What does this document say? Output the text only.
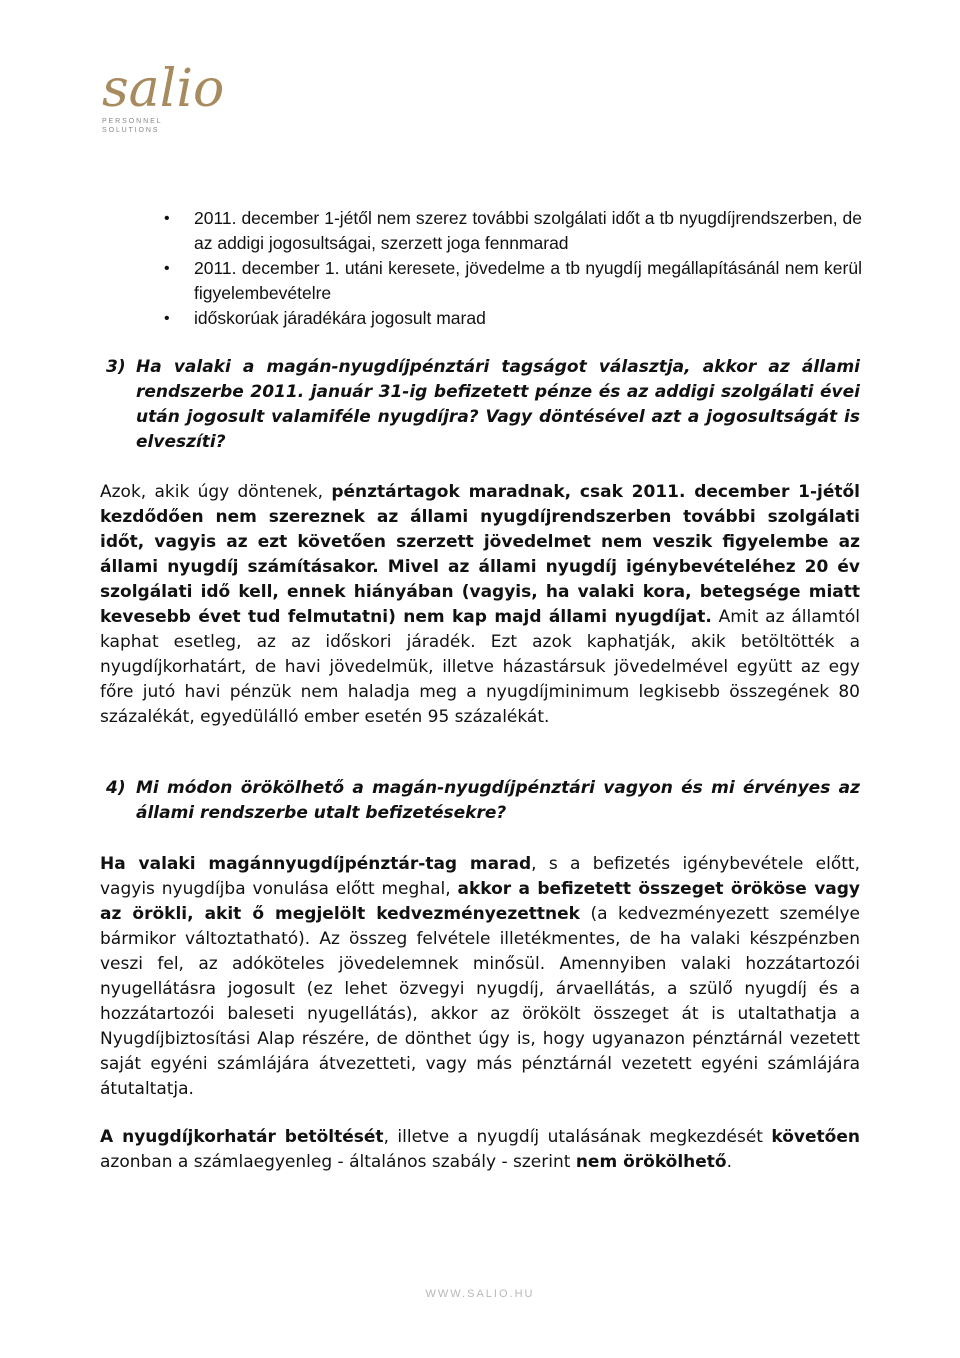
salio
P E R S O N N E L
S O L U T I O N S
• 2011. december 1-jétől nem szerez további szolgálati időt a tb nyugdíjrendszerben, de az addigi jogosultságai, szerzett joga fennmarad
• 2011. december 1. utáni keresete, jövedelme a tb nyugdíj megállapításánál nem kerül figyelembevételre
• időskorúak járadékára jogosult marad
3) Ha valaki a magán-nyugdíjpénztári tagságot választja, akkor az állami rendszerbe 2011. január 31-ig befizetett pénze és az addigi szolgálati évei után jogosult valamiféle nyugdíjra? Vagy döntésével azt a jogosultságát is elveszíti?
Azok, akik úgy döntenek, pénztártagok maradnak, csak 2011. december 1-jétől kezdődően nem szereznek az állami nyugdíjrendszerben további szolgálati időt, vagyis az ezt követően szerzett jövedelmet nem veszik figyelembe az állami nyugdíj számításakor. Mivel az állami nyugdíj igénybevételéhez 20 év szolgálati idő kell, ennek hiányában (vagyis, ha valaki kora, betegsége miatt kevesebb évet tud felmutatni) nem kap majd állami nyugdíjat. Amit az államtól kaphat esetleg, az az időskori járadék. Ezt azok kaphatják, akik betöltötték a nyugdíjkorhatárt, de havi jövedelmük, illetve házastársuk jövedelmével együtt az egy főre jutó havi pénzük nem haladja meg a nyugdíjminimum legkisebb összegének 80 százalékát, egyedülálló ember esetén 95 százalékát.
4) Mi módon örökölhető a magán-nyugdíjpénztári vagyon és mi érvényes az állami rendszerbe utalt befizetésekre?
Ha valaki magánnyugdíjpénztár-tag marad, s a befizetés igénybevétele előtt, vagyis nyugdíjba vonulása előtt meghal, akkor a befizetett összeget örököse vagy az örökli, akit ő megjelölt kedvezményezettnek (a kedvezményezett személye bármikor változtatható). Az összeg felvétele illetékmentes, de ha valaki készpénzben veszi fel, az adóköteles jövedelemnek minősül. Amennyiben valaki hozzátartozói nyugellátásra jogosult (ez lehet özvegyi nyugdíj, árvaellátás, a szülő nyugdíj és a hozzátartozói baleseti nyugellátás), akkor az örökölt összeget át is utaltathatja a Nyugdíjbiztosítási Alap részére, de dönthet úgy is, hogy ugyanazon pénztárnál vezetett saját egyéni számlájára átvezetteti, vagy más pénztárnál vezetett egyéni számlájára átutaltatja.
A nyugdíjkorhatár betöltését, illetve a nyugdíj utalásának megkezdését követően azonban a számlaegyenleg - általános szabály - szerint nem örökölhető.
WWW.SALIO.HU
